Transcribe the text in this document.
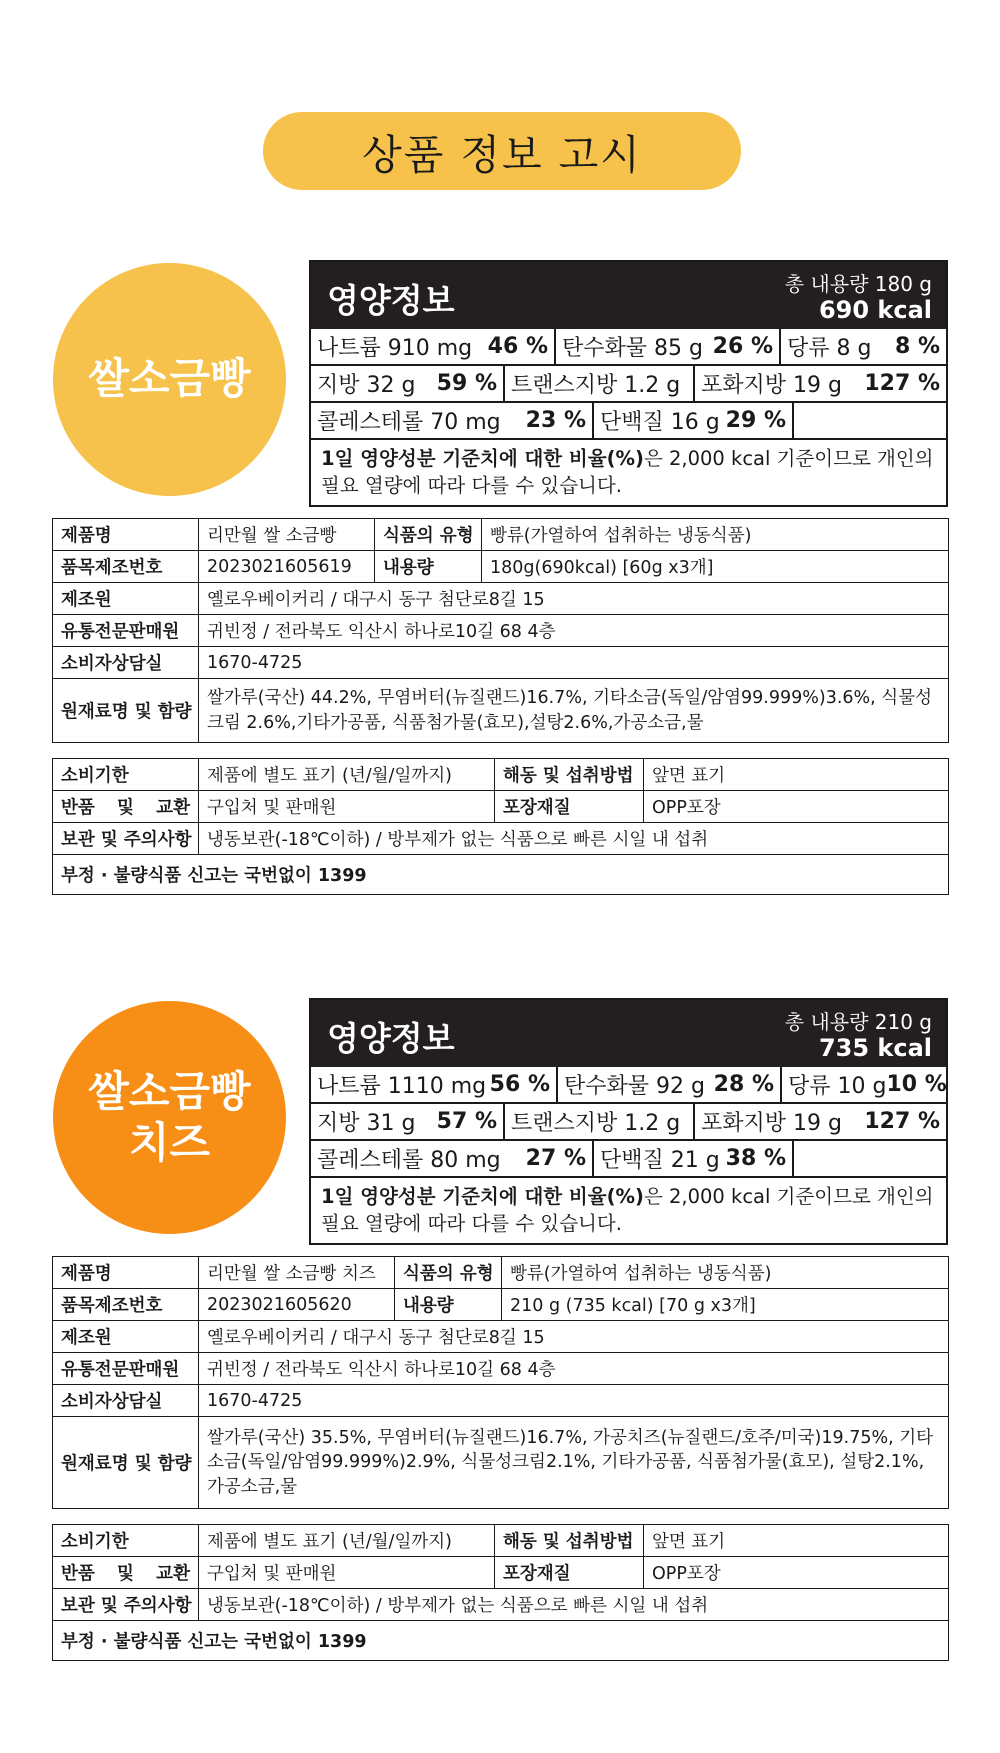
상품 정보 고시
쌀소금빵
영양정보	총 내용량 180 g
690 kcal
나트륨 910 mg 46 % 탄수화물 85 g 26 % 당류 8 g 8 %
지방 32 g 59 % 트랜스지방 1.2 g 포화지방 19 g 127 %
콜레스테롤 70 mg 23 % 단백질 16 g 29 %
1일 영양성분 기준치에 대한 비율(%)은 2,000 kcal 기준이므로 개인의 필요 열량에 따라 다를 수 있습니다.
제품명	리만월 쌀 소금빵	식품의 유형	빵류(가열하여 섭취하는 냉동식품)
품목제조번호	2023021605619	내용량	180g(690kcal) [60g x3개]
제조원	옐로우베이커리 / 대구시 동구 첨단로8길 15		
유통전문판매원	귀빈정 / 전라북도 익산시 하나로10길 68 4층		
소비자상담실	1670-4725		
원재료명 및 함량	쌀가루(국산) 44.2%, 무염버터(뉴질랜드)16.7%, 기타소금(독일/암염99.999%)3.6%, 식물성크림 2.6%,기타가공품, 식품첨가물(효모),설탕2.6%,가공소금,물		
소비기한	제품에 별도 표기 (년/월/일까지)	해동 및 섭취방법	앞면 표기
반품 및 교환	구입처 및 판매원	포장재질	OPP포장
보관 및 주의사항	냉동보관(-18℃이하) / 방부제가 없는 식품으로 빠른 시일 내 섭취		
부정 · 불량식품 신고는 국번없이 1399			
쌀소금빵
치즈
영양정보	총 내용량 210 g
735 kcal
나트륨 1110 mg 56 % 탄수화물 92 g 28 % 당류 10 g 10 %
지방 31 g 57 % 트랜스지방 1.2 g 포화지방 19 g 127 %
콜레스테롤 80 mg 27 % 단백질 21 g 38 %
1일 영양성분 기준치에 대한 비율(%)은 2,000 kcal 기준이므로 개인의 필요 열량에 따라 다를 수 있습니다.
제품명	리만월 쌀 소금빵 치즈	식품의 유형	빵류(가열하여 섭취하는 냉동식품)
품목제조번호	2023021605620	내용량	210 g (735 kcal) [70 g x3개]
제조원	옐로우베이커리 / 대구시 동구 첨단로8길 15		
유통전문판매원	귀빈정 / 전라북도 익산시 하나로10길 68 4층		
소비자상담실	1670-4725		
원재료명 및 함량	쌀가루(국산) 35.5%, 무염버터(뉴질랜드)16.7%, 가공치즈(뉴질랜드/호주/미국)19.75%, 기타소금(독일/암염99.999%)2.9%, 식물성크림2.1%, 기타가공품, 식품첨가물(효모), 설탕2.1%,가공소금,물		
소비기한	제품에 별도 표기 (년/월/일까지)	해동 및 섭취방법	앞면 표기
반품 및 교환	구입처 및 판매원	포장재질	OPP포장
보관 및 주의사항	냉동보관(-18℃이하) / 방부제가 없는 식품으로 빠른 시일 내 섭취		
부정 · 불량식품 신고는 국번없이 1399			
